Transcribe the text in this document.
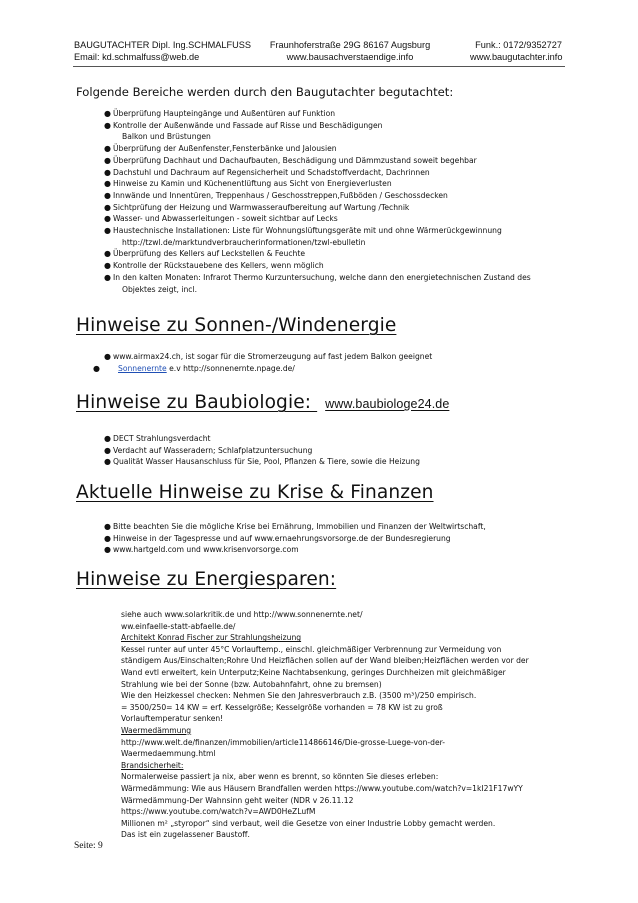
BAUGUTACHTER Dipl. Ing.SCHMALFUSS
Email: kd.schmalfuss@web.de
Fraunhoferstraße 29G 86167 Augsburg
www.bausachverstaendige.info
Funk.: 0172/9352727
www.baugutachter.info
Folgende Bereiche werden durch den Baugutachter begutachtet:
● Überprüfung Haupteingänge und Außentüren auf Funktion
● Kontrolle der Außenwände und Fassade auf Risse und Beschädigungen
Balkon und Brüstungen
● Überprüfung der Außenfenster,Fensterbänke und Jalousien
● Überprüfung Dachhaut und Dachaufbauten, Beschädigung und Dämmzustand soweit begehbar
● Dachstuhl und Dachraum auf Regensicherheit und Schadstoffverdacht, Dachrinnen
● Hinweise zu Kamin und Küchenentlüftung aus Sicht von Energieverlusten
● Innwände und Innentüren, Treppenhaus / Geschosstreppen,Fußböden / Geschossdecken
● Sichtprüfung der Heizung und Warmwasseraufbereitung auf Wartung /Technik
● Wasser- und Abwasserleitungen - soweit sichtbar auf Lecks
● Haustechnische Installationen: Liste für Wohnungslüftungsgeräte mit und ohne Wärmerückgewinnung
http://tzwl.de/marktundverbraucherinformationen/tzwl-ebulletin
● Überprüfung des Kellers auf Leckstellen & Feuchte
● Kontrolle der Rückstauebene des Kellers, wenn möglich
● In den kalten Monaten: Infrarot Thermo Kurzuntersuchung, welche dann den energietechnischen Zustand des
Objektes zeigt, incl.
Hinweise zu Sonnen-/Windenergie
● www.airmax24.ch, ist sogar für die Stromerzeugung auf fast jedem Balkon geeignet
● Sonnenernte e.v http://sonnenernte.npage.de/
Hinweise zu Baubiologie: www.baubiologe24.de
● DECT Strahlungsverdacht
● Verdacht auf Wasseradern; Schlafplatzuntersuchung
● Qualität Wasser Hausanschluss für Sie, Pool, Pflanzen & Tiere, sowie die Heizung
Aktuelle Hinweise zu Krise & Finanzen
● Bitte beachten Sie die mögliche Krise bei Ernährung, Immobilien und Finanzen der Weltwirtschaft,
● Hinweise in der Tagespresse und auf www.ernaehrungsvorsorge.de der Bundesregierung
● www.hartgeld.com und www.krisenvorsorge.com
Hinweise zu Energiesparen:
siehe auch www.solarkritik.de und http://www.sonnenernte.net/
ww.einfaelle-statt-abfaelle.de/
Architekt Konrad Fischer zur Strahlungsheizung
Kessel runter auf unter 45°C Vorlauftemp., einschl. gleichmäßiger Verbrennung zur Vermeidung von
ständigem Aus/Einschalten;Rohre Und Heizflächen sollen auf der Wand bleiben;Heizflächen werden vor der
Wand evtl erweitert, kein Unterputz;Keine Nachtabsenkung, geringes Durchheizen mit gleichmäßiger
Strahlung wie bei der Sonne (bzw. Autobahnfahrt, ohne zu bremsen)
Wie den Heizkessel checken: Nehmen Sie den Jahresverbrauch z.B. (3500 m³)/250 empirisch.
= 3500/250= 14 KW = erf. Kesselgröße; Kesselgröße vorhanden = 78 KW ist zu groß
Vorlauftemperatur senken!
Waermedämmung
http://www.welt.de/finanzen/immobilien/article114866146/Die-grosse-Luege-von-der-
Waermedaemmung.html
Brandsicherheit:
Normalerweise passiert ja nix, aber wenn es brennt, so könnten Sie dieses erleben:
Wärmedämmung: Wie aus Häusern Brandfallen werden https://www.youtube.com/watch?v=1kI21F17wYY
Wärmedämmung-Der Wahnsinn geht weiter (NDR v 26.11.12
https://www.youtube.com/watch?v=AWD0HeZLufM
Millionen m² „styropor“ sind verbaut, weil die Gesetze von einer Industrie Lobby gemacht werden.
Das ist ein zugelassener Baustoff.
Seite: 9
